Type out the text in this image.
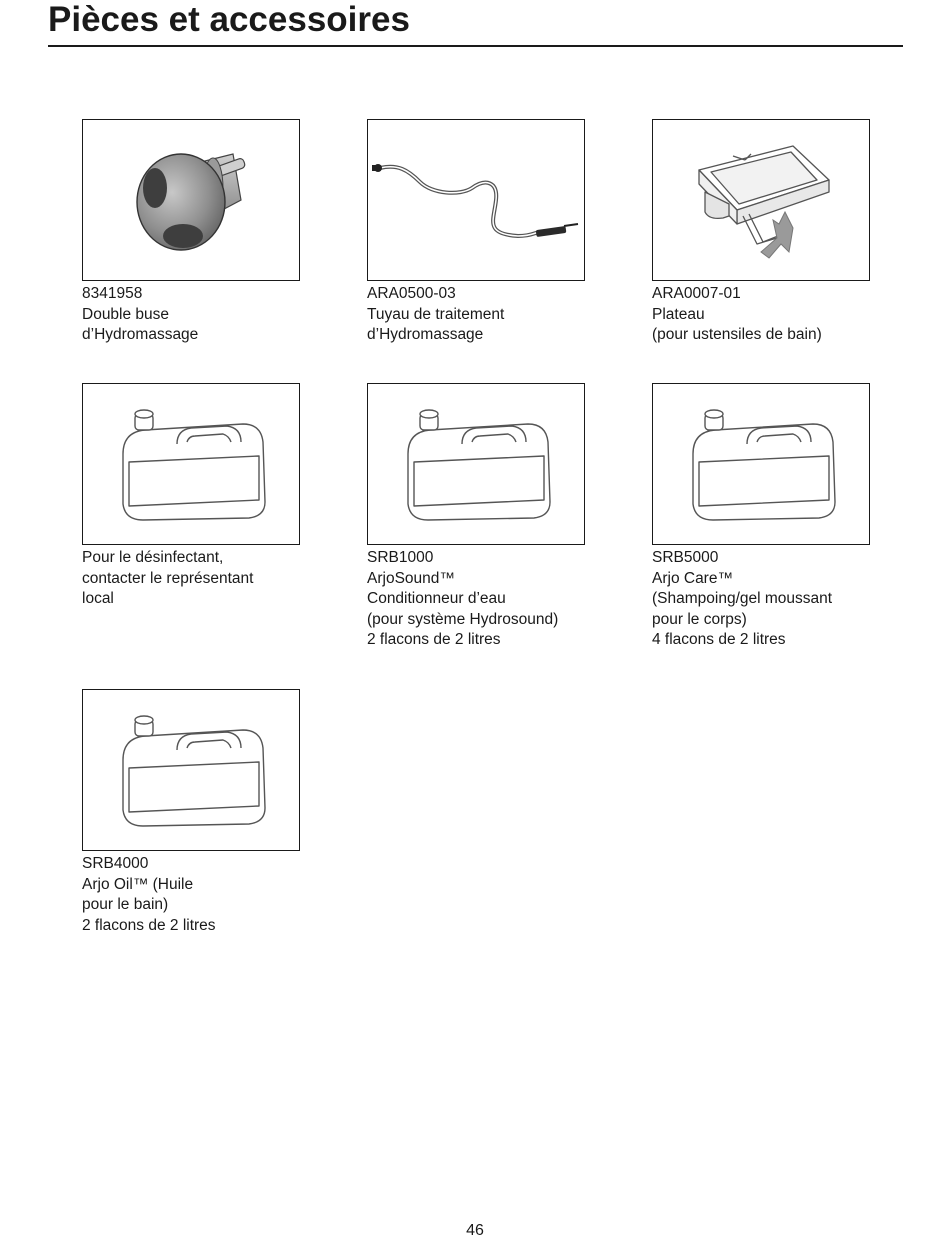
Pièces et accessoires
8341958
Double buse
d’Hydromassage
ARA0500-03
Tuyau de traitement
d’Hydromassage
ARA0007-01
Plateau
(pour ustensiles de bain)
Pour le désinfectant,
contacter le représentant
local
SRB1000
ArjoSound™
Conditionneur d’eau
(pour système Hydrosound)
2 flacons de 2 litres
SRB5000
Arjo Care™
(Shampoing/gel moussant
pour le corps)
4 flacons de 2 litres
SRB4000
Arjo Oil™ (Huile
pour le bain)
2 flacons de 2 litres
46
